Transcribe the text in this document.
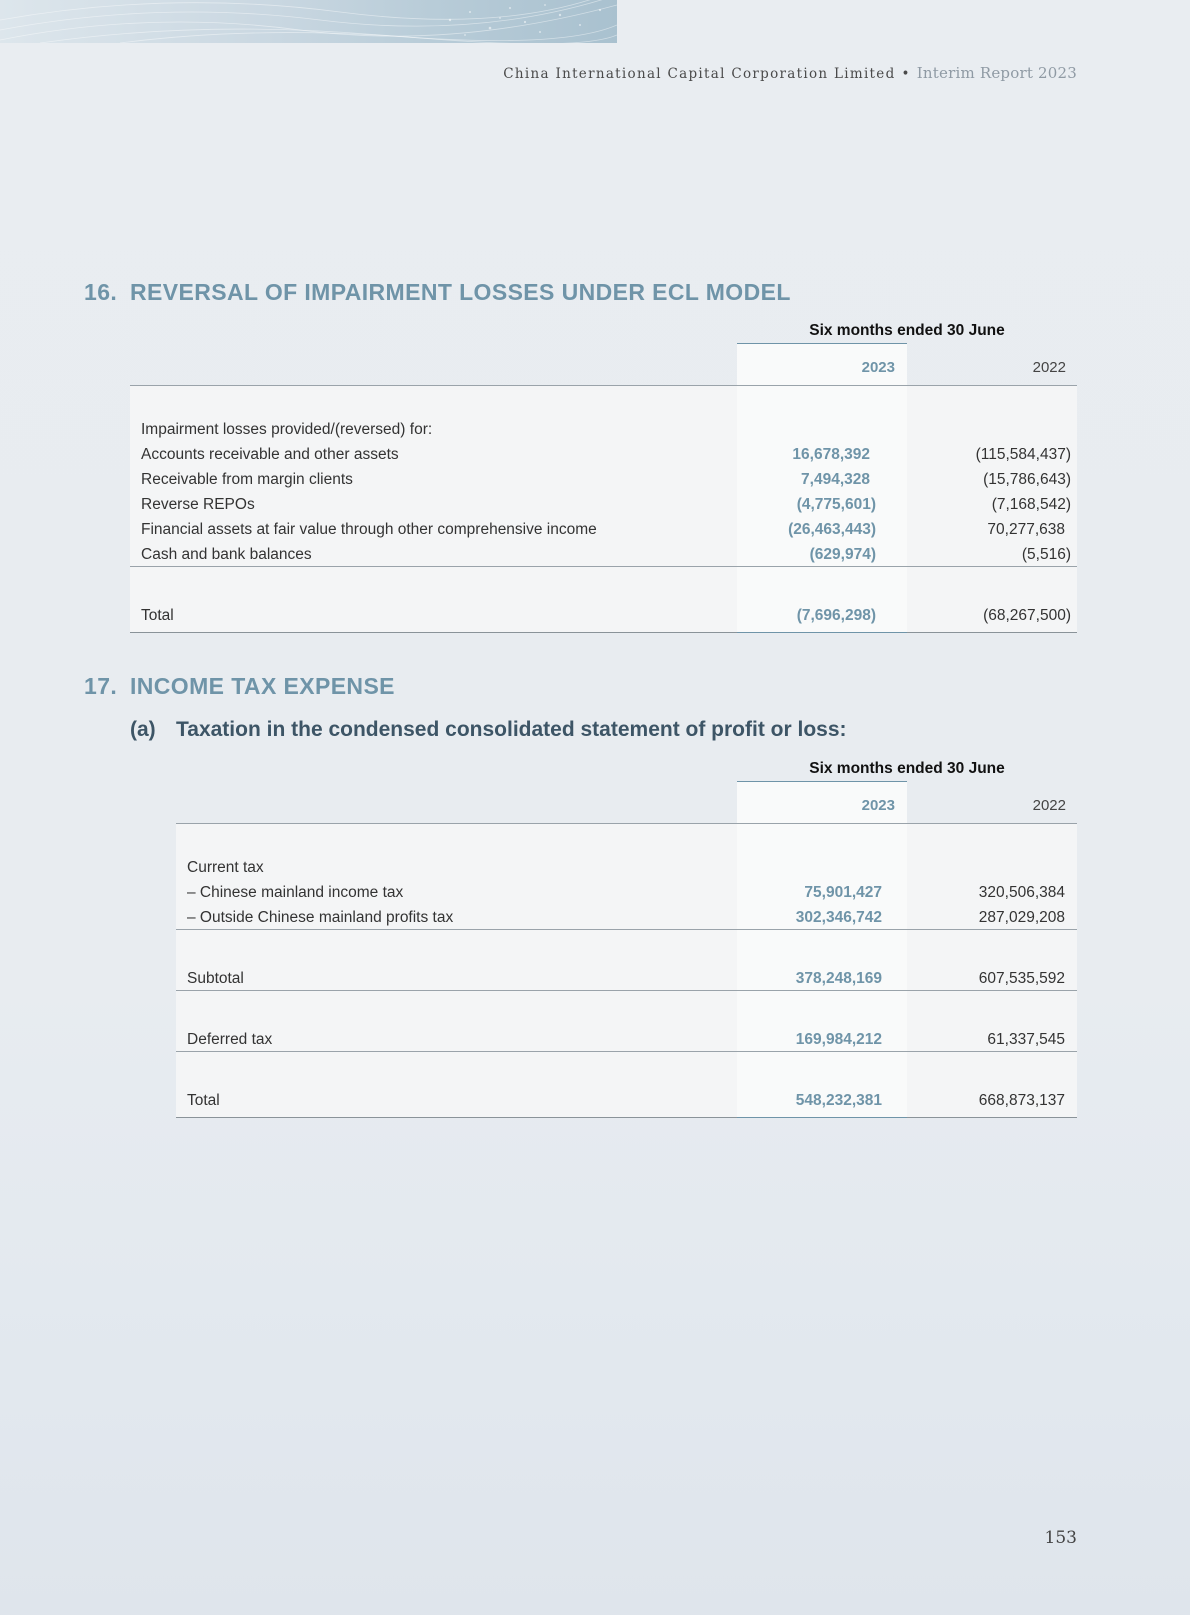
China International Capital Corporation Limited • Interim Report 2023
16. REVERSAL OF IMPAIRMENT LOSSES UNDER ECL MODEL
Six months ended 30 June
2023	2022
Impairment losses provided/(reversed) for:
Accounts receivable and other assets	16,678,392	(115,584,437)
Receivable from margin clients	7,494,328	(15,786,643)
Reverse REPOs	(4,775,601)	(7,168,542)
Financial assets at fair value through other comprehensive income	(26,463,443)	70,277,638
Cash and bank balances	(629,974)	(5,516)
Total	(7,696,298)	(68,267,500)
17. INCOME TAX EXPENSE
(a) Taxation in the condensed consolidated statement of profit or loss:
Six months ended 30 June
2023	2022
Current tax
– Chinese mainland income tax	75,901,427	320,506,384
– Outside Chinese mainland profits tax	302,346,742	287,029,208
Subtotal	378,248,169	607,535,592
Deferred tax	169,984,212	61,337,545
Total	548,232,381	668,873,137
153
